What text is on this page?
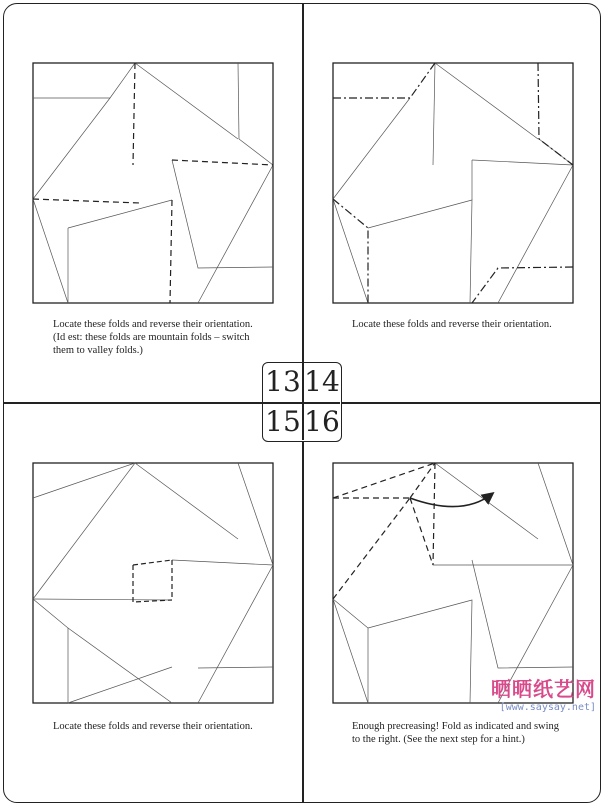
Locate these folds and reverse their orientation. (Id est: these folds are mountain folds – switch them to valley folds.)
Locate these folds and reverse their orientation.
Locate these folds and reverse their orientation.	Enough precreasing! Fold as indicated and swing to the right. (See the next step for a hint.)
13 14
15 16
晒晒纸艺网
[www.saysay.net]
